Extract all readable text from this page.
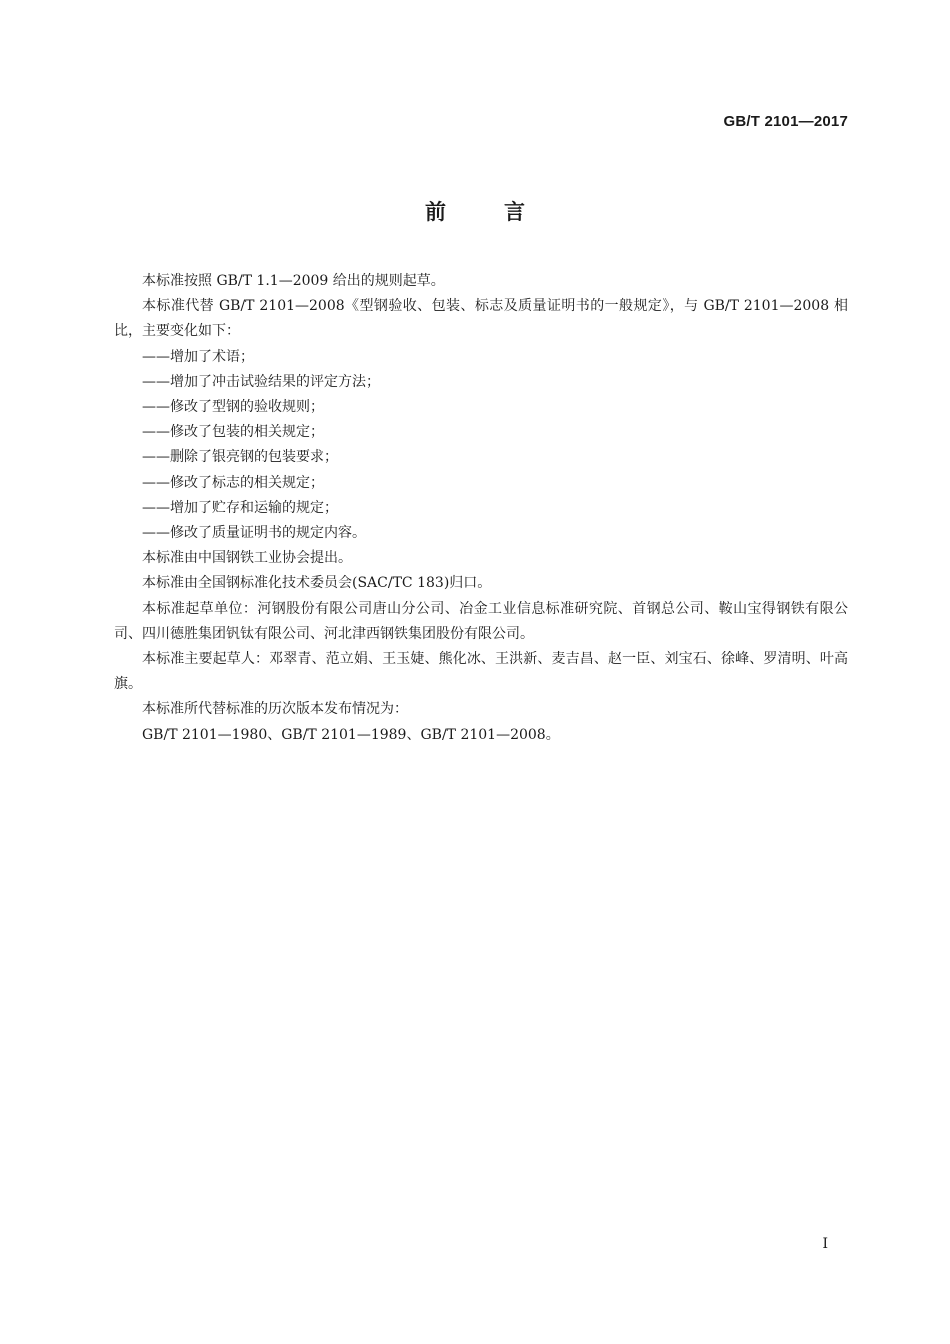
GB/T 2101—2017
前言

本标准按照 GB/T 1.1—2009 给出的规则起草。

本标准代替 GB/T 2101—2008《型钢验收、包装、标志及质量证明书的一般规定》，与 GB/T 2101—2008 相比，主要变化如下：

——增加了术语；

——增加了冲击试验结果的评定方法；

——修改了型钢的验收规则；

——修改了包装的相关规定；

——删除了银亮钢的包装要求；

——修改了标志的相关规定；

——增加了贮存和运输的规定；

——修改了质量证明书的规定内容。

本标准由中国钢铁工业协会提出。

本标准由全国钢标准化技术委员会(SAC/TC 183)归口。

本标准起草单位：河钢股份有限公司唐山分公司、冶金工业信息标准研究院、首钢总公司、鞍山宝得钢铁有限公司、四川德胜集团钒钛有限公司、河北津西钢铁集团股份有限公司。

本标准主要起草人：邓翠青、范立娟、王玉婕、熊化冰、王洪新、麦吉昌、赵一臣、刘宝石、徐峰、罗清明、叶高旗。

本标准所代替标准的历次版本发布情况为：

GB/T 2101—1980、GB/T 2101—1989、GB/T 2101—2008。

I
